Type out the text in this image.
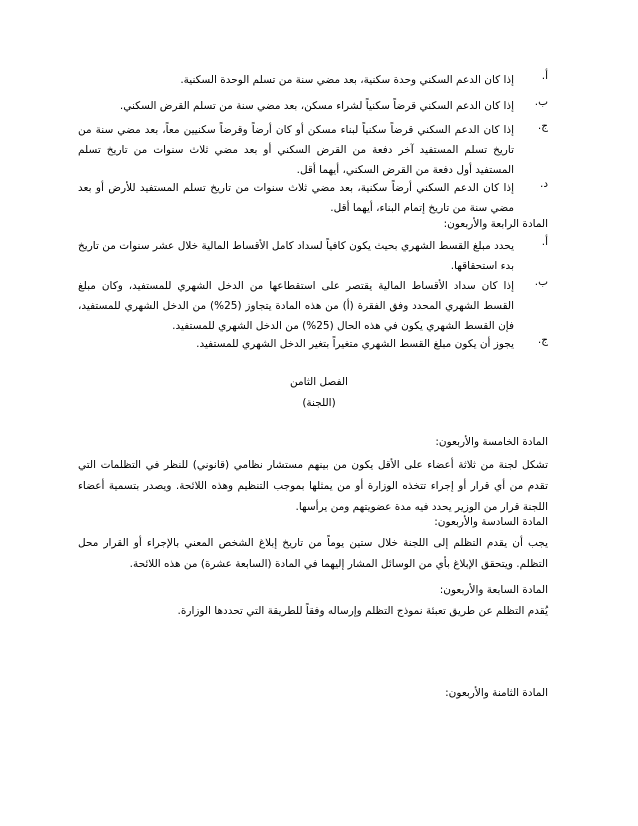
أ.
إذا كان الدعم السكني وحدة سكنية، بعد مضي سنة من تسلم الوحدة السكنية.
ب.
إذا كان الدعم السكني قرضاً سكنياً لشراء مسكن، بعد مضي سنة من تسلم القرض السكني.
ج.
إذا كان الدعم السكني قرضاً سكنياً لبناء مسكن أو كان أرضاً وقرضاً سكنيين معاً، بعد مضي سنة من تاريخ تسلم المستفيد آخر دفعة من القرض السكني أو بعد مضي ثلاث سنوات من تاريخ تسلم المستفيد أول دفعة من القرض السكني، أيهما أقل.
د.
إذا كان الدعم السكني أرضاً سكنية، بعد مضي ثلاث سنوات من تاريخ تسلم المستفيد للأرض أو بعد مضي سنة من تاريخ إتمام البناء، أيهما أقل.
المادة الرابعة والأربعون:
أ.
يحدد مبلغ القسط الشهري بحيث يكون كافياً لسداد كامل الأقساط المالية خلال عشر سنوات من تاريخ بدء استحقاقها.
ب.
إذا كان سداد الأقساط المالية يقتصر على استقطاعها من الدخل الشهري للمستفيد، وكان مبلغ القسط الشهري المحدد وفق الفقرة (أ) من هذه المادة يتجاوز (25%) من الدخل الشهري للمستفيد، فإن القسط الشهري يكون في هذه الحال (25%) من الدخل الشهري للمستفيد.
ج.
يجوز أن يكون مبلغ القسط الشهري متغيراً بتغير الدخل الشهري للمستفيد.
الفصل الثامن
(اللجنة)
المادة الخامسة والأربعون:
تشكل لجنة من ثلاثة أعضاء على الأقل يكون من بينهم مستشار نظامي (قانوني) للنظر في التظلمات التي تقدم من أي قرار أو إجراء تتخذه الوزارة أو من يمثلها بموجب التنظيم وهذه اللائحة. ويصدر بتسمية أعضاء اللجنة قرار من الوزير يحدد فيه مدة عضويتهم ومن يرأسها.
المادة السادسة والأربعون:
يجب أن يقدم التظلم إلى اللجنة خلال ستين يوماً من تاريخ إبلاغ الشخص المعني بالإجراء أو القرار محل التظلم. ويتحقق الإبلاغ بأي من الوسائل المشار إليهما في المادة (السابعة عشرة) من هذه اللائحة.
المادة السابعة والأربعون:
يُقدم التظلم عن طريق تعبئة نموذج التظلم وإرساله وفقاً للطريقة التي تحددها الوزارة.
المادة الثامنة والأربعون:
